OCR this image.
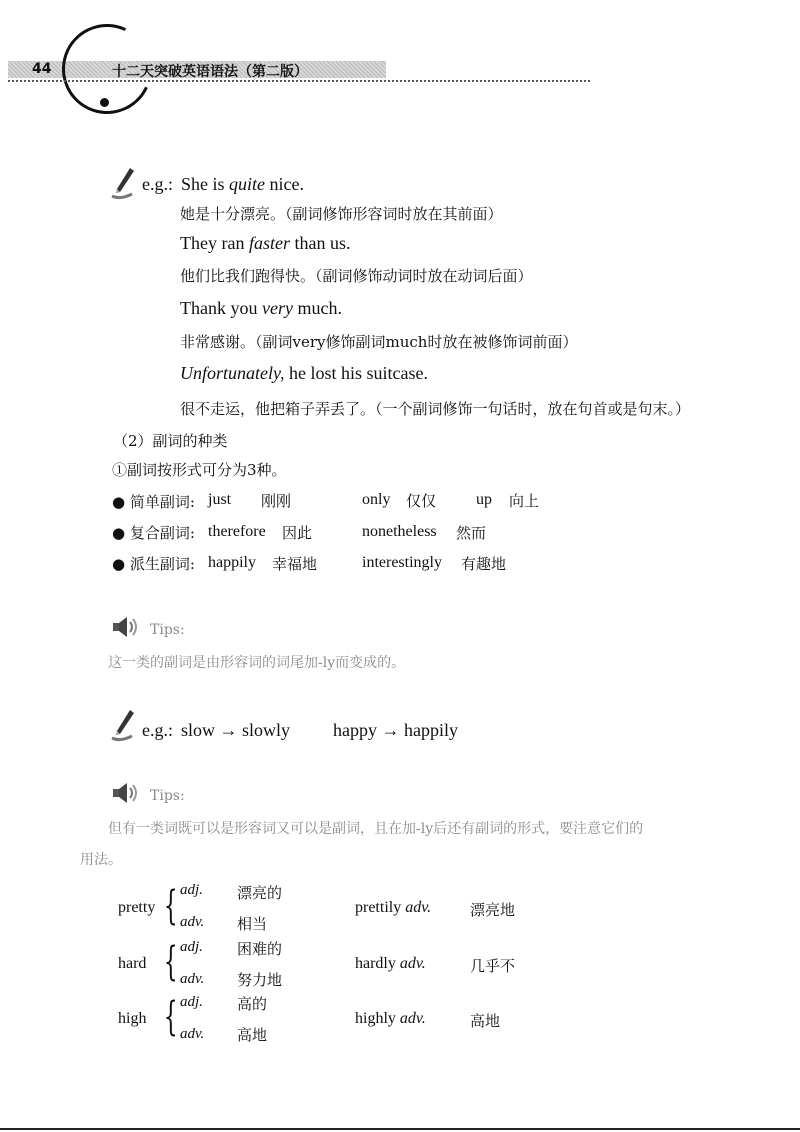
44	十二天突破英语语法（第二版）
e.g.: She is quite nice.
她是十分漂亮。（副词修饰形容词时放在其前面）
They ran faster than us.
他们比我们跑得快。（副词修饰动词时放在动词后面）
Thank you very much.
非常感谢。（副词very修饰副词much时放在被修饰词前面）
Unfortunately, he lost his suitcase.
很不走运，他把箱子弄丢了。（一个副词修饰一句话时，放在句首或是句末。）
（2）副词的种类
①副词按形式可分为3种。
● 简单副词: just 刚刚	only 仅仅 up 向上
● 复合副词: therefore 因此	nonetheless 然而
● 派生副词: happily 幸福地	interestingly 有趣地
Tips:
这一类的副词是由形容词的词尾加-ly而变成的。
e.g.: slow → slowly happy → happily
Tips:
但有一类词既可以是形容词又可以是副词，且在加-ly后还有副词的形式，要注意它们的
用法。
pretty { adj. 漂亮的
adv. 相当
prettily adv.	漂亮地
hard { adj. 困难的
adv. 努力地
hardly adv.	几乎不
high { adj. 高的
adv. 高地
highly adv.	高地
